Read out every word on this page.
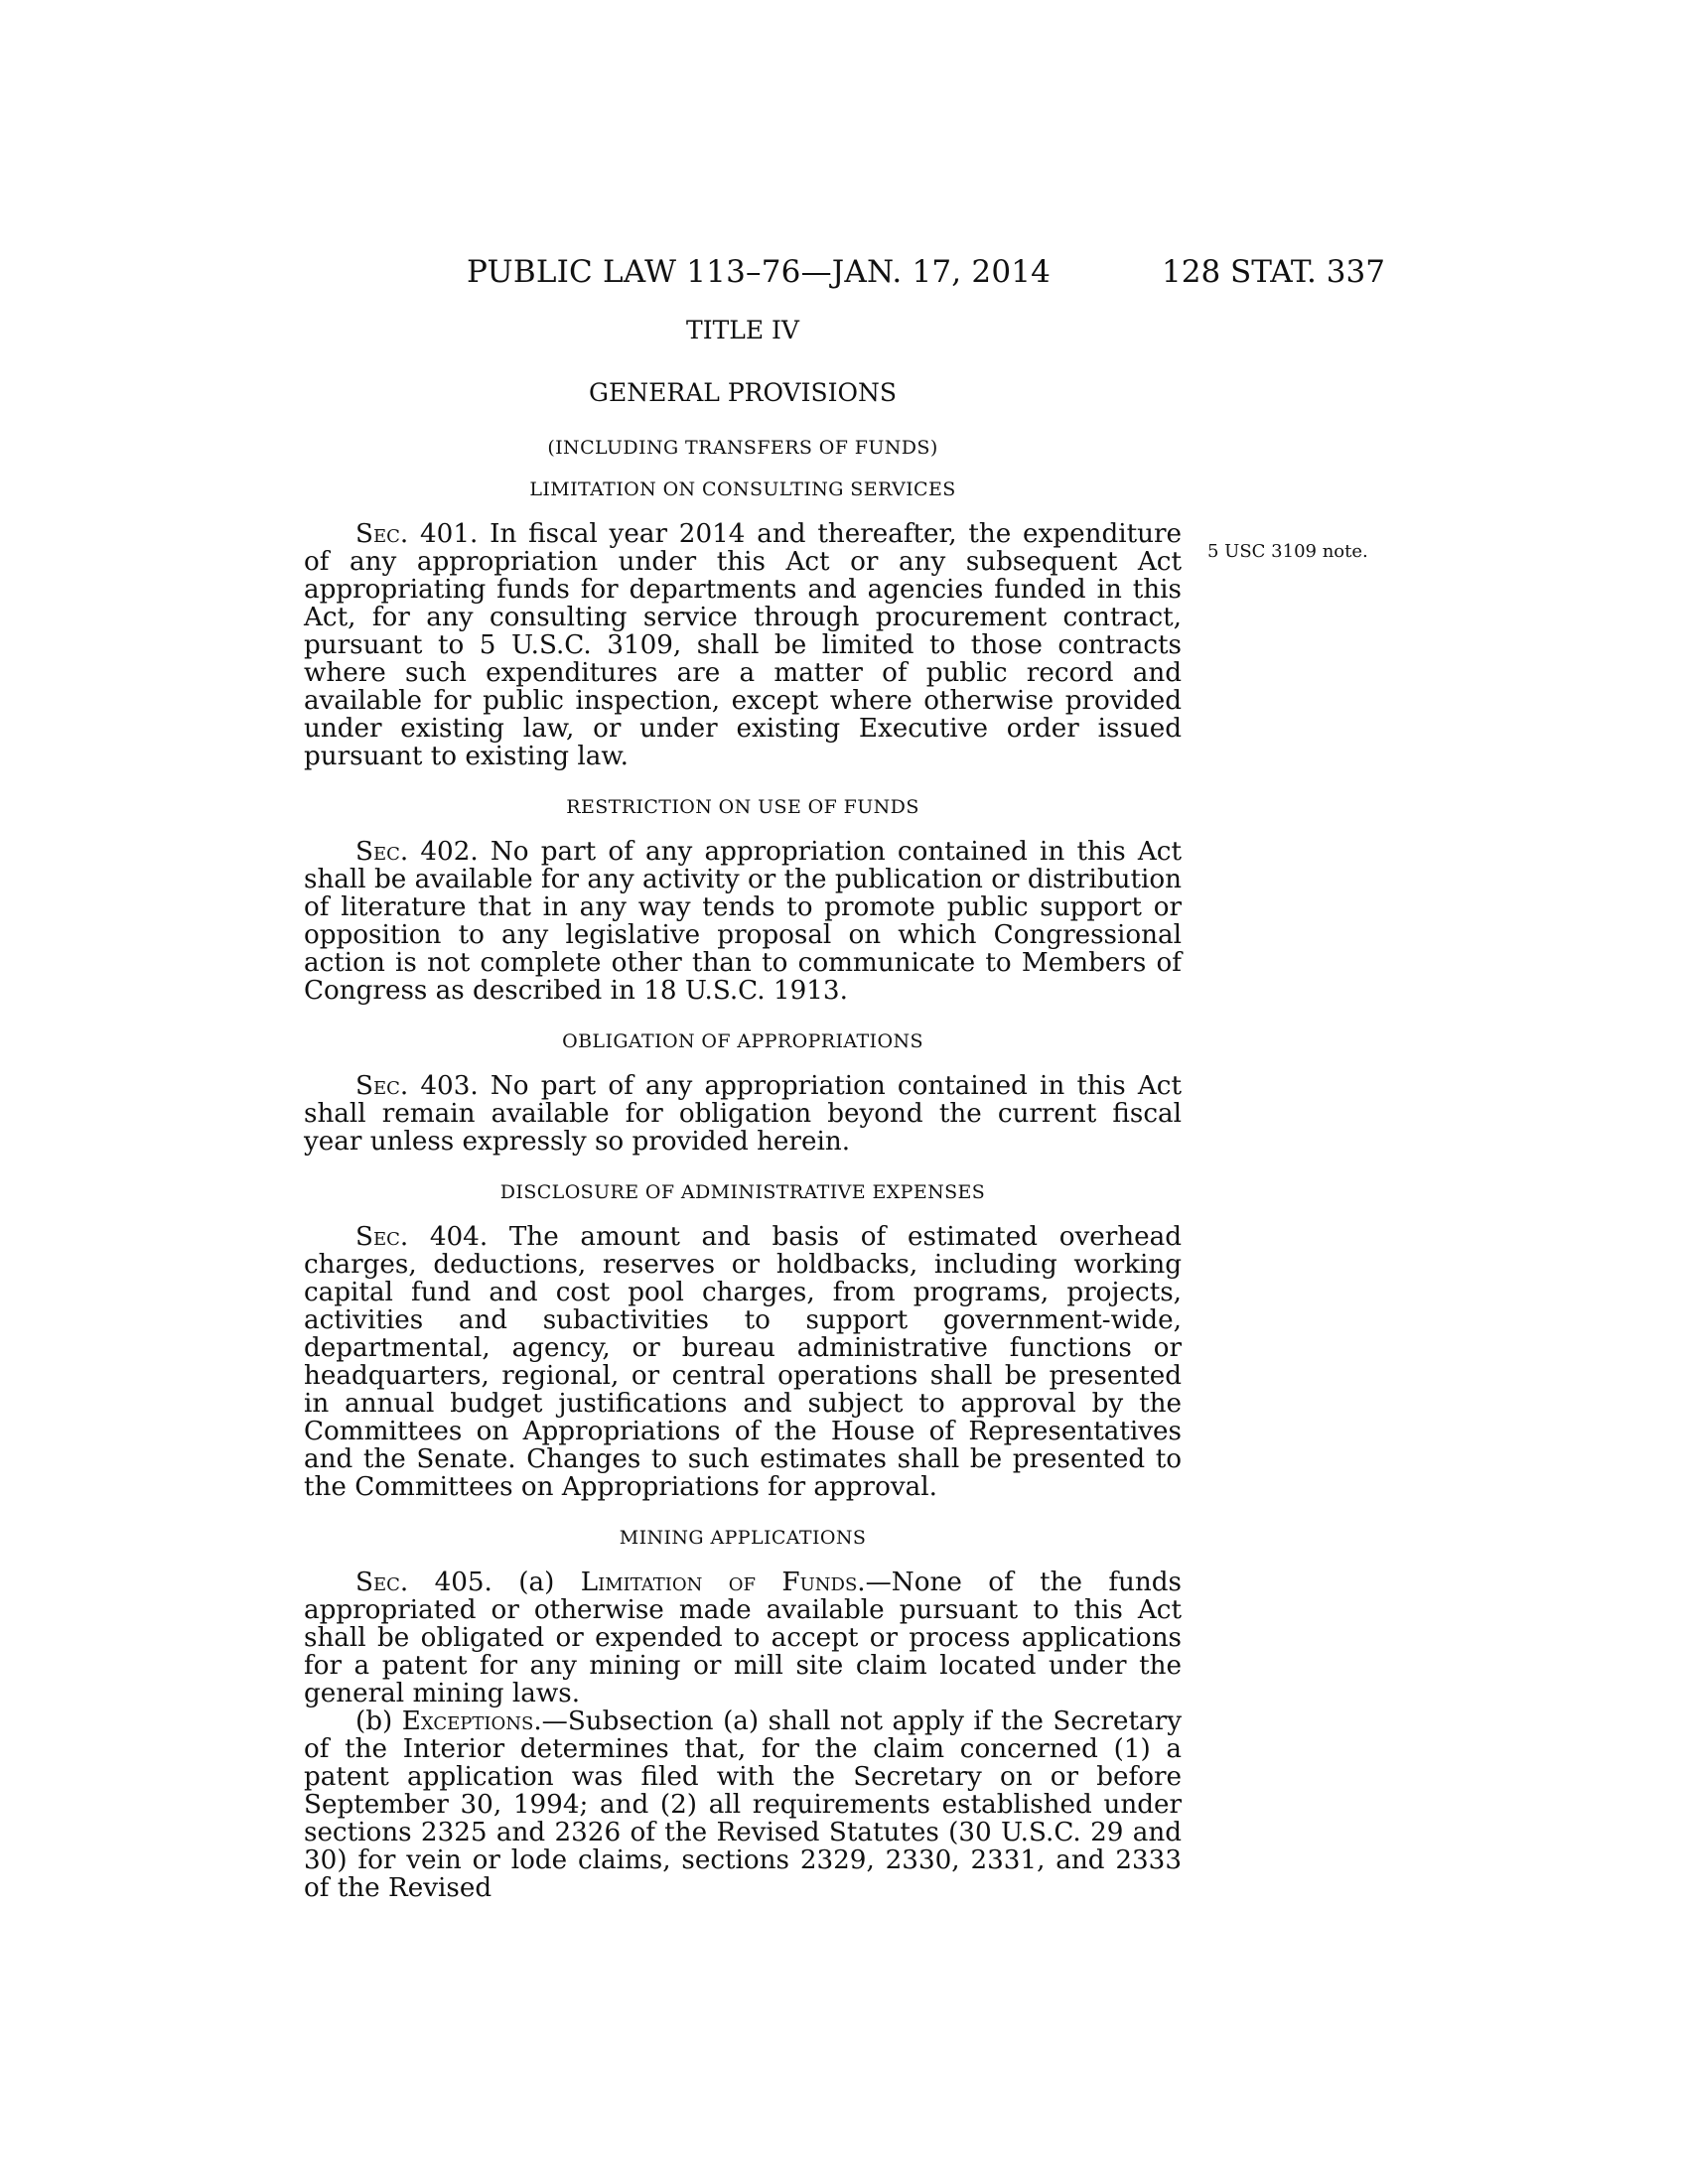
PUBLIC LAW 113–76—JAN. 17, 2014	128 STAT. 337
5 USC 3109 note.
TITLE IV
GENERAL PROVISIONS
(INCLUDING TRANSFERS OF FUNDS)
LIMITATION ON CONSULTING SERVICES

Sec. 401. In fiscal year 2014 and thereafter, the expenditure of any appropriation under this Act or any subsequent Act appropriating funds for departments and agencies funded in this Act, for any consulting service through procurement contract, pursuant to 5 U.S.C. 3109, shall be limited to those contracts where such expenditures are a matter of public record and available for public inspection, except where otherwise provided under existing law, or under existing Executive order issued pursuant to existing law.

RESTRICTION ON USE OF FUNDS

Sec. 402. No part of any appropriation contained in this Act shall be available for any activity or the publication or distribution of literature that in any way tends to promote public support or opposition to any legislative proposal on which Congressional action is not complete other than to communicate to Members of Congress as described in 18 U.S.C. 1913.

OBLIGATION OF APPROPRIATIONS

Sec. 403. No part of any appropriation contained in this Act shall remain available for obligation beyond the current fiscal year unless expressly so provided herein.

DISCLOSURE OF ADMINISTRATIVE EXPENSES

Sec. 404. The amount and basis of estimated overhead charges, deductions, reserves or holdbacks, including working capital fund and cost pool charges, from programs, projects, activities and subactivities to support government-wide, departmental, agency, or bureau administrative functions or headquarters, regional, or central operations shall be presented in annual budget justifications and subject to approval by the Committees on Appropriations of the House of Representatives and the Senate. Changes to such estimates shall be presented to the Committees on Appropriations for approval.

MINING APPLICATIONS

Sec. 405. (a) Limitation of Funds.—None of the funds appropriated or otherwise made available pursuant to this Act shall be obligated or expended to accept or process applications for a patent for any mining or mill site claim located under the general mining laws.

(b) Exceptions.—Subsection (a) shall not apply if the Secretary of the Interior determines that, for the claim concerned (1) a patent application was filed with the Secretary on or before September 30, 1994; and (2) all requirements established under sections 2325 and 2326 of the Revised Statutes (30 U.S.C. 29 and 30) for vein or lode claims, sections 2329, 2330, 2331, and 2333 of the Revised
